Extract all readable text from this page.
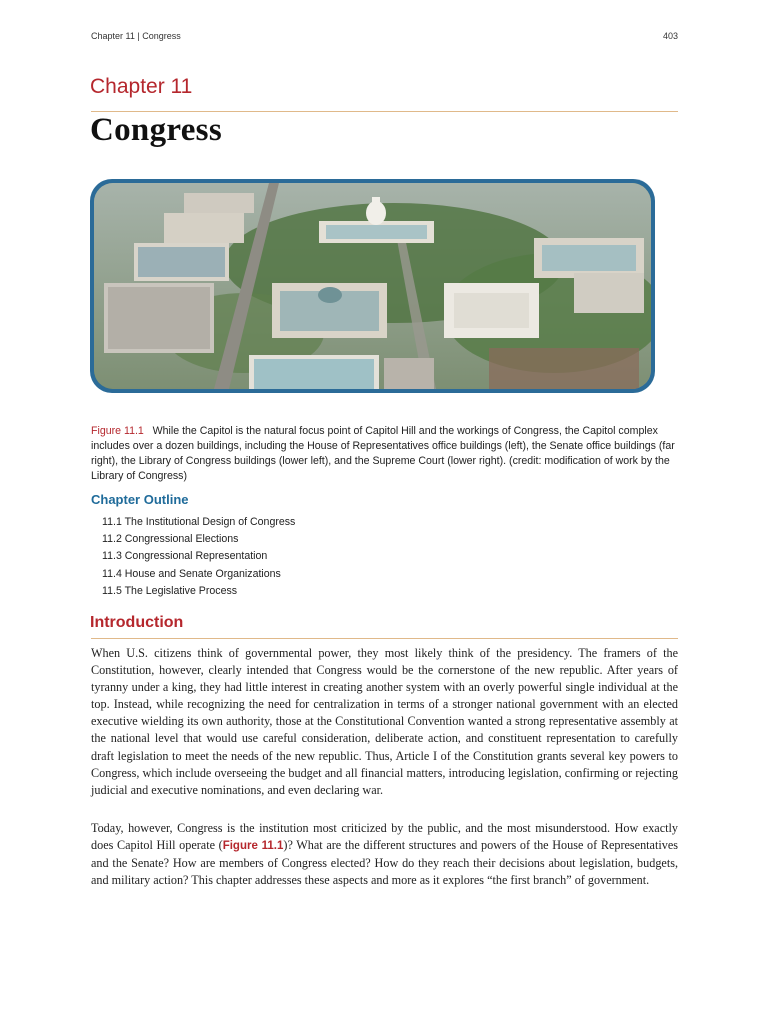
Chapter 11 | Congress	403
Chapter 11
Congress
Figure 11.1 While the Capitol is the natural focus point of Capitol Hill and the workings of Congress, the Capitol complex includes over a dozen buildings, including the House of Representatives office buildings (left), the Senate office buildings (far right), the Library of Congress buildings (lower left), and the Supreme Court (lower right). (credit: modification of work by the Library of Congress)
Chapter Outline
11.1 The Institutional Design of Congress
11.2 Congressional Elections
11.3 Congressional Representation
11.4 House and Senate Organizations
11.5 The Legislative Process
Introduction

When U.S. citizens think of governmental power, they most likely think of the presidency. The framers of the Constitution, however, clearly intended that Congress would be the cornerstone of the new republic. After years of tyranny under a king, they had little interest in creating another system with an overly powerful single individual at the top. Instead, while recognizing the need for centralization in terms of a stronger national government with an elected executive wielding its own authority, those at the Constitutional Convention wanted a strong representative assembly at the national level that would use careful consideration, deliberate action, and constituent representation to carefully draft legislation to meet the needs of the new republic. Thus, Article I of the Constitution grants several key powers to Congress, which include overseeing the budget and all financial matters, introducing legislation, confirming or rejecting judicial and executive nominations, and even declaring war.

Today, however, Congress is the institution most criticized by the public, and the most misunderstood. How exactly does Capitol Hill operate (Figure 11.1)? What are the different structures and powers of the House of Representatives and the Senate? How are members of Congress elected? How do they reach their decisions about legislation, budgets, and military action? This chapter addresses these aspects and more as it explores “the first branch” of government.
